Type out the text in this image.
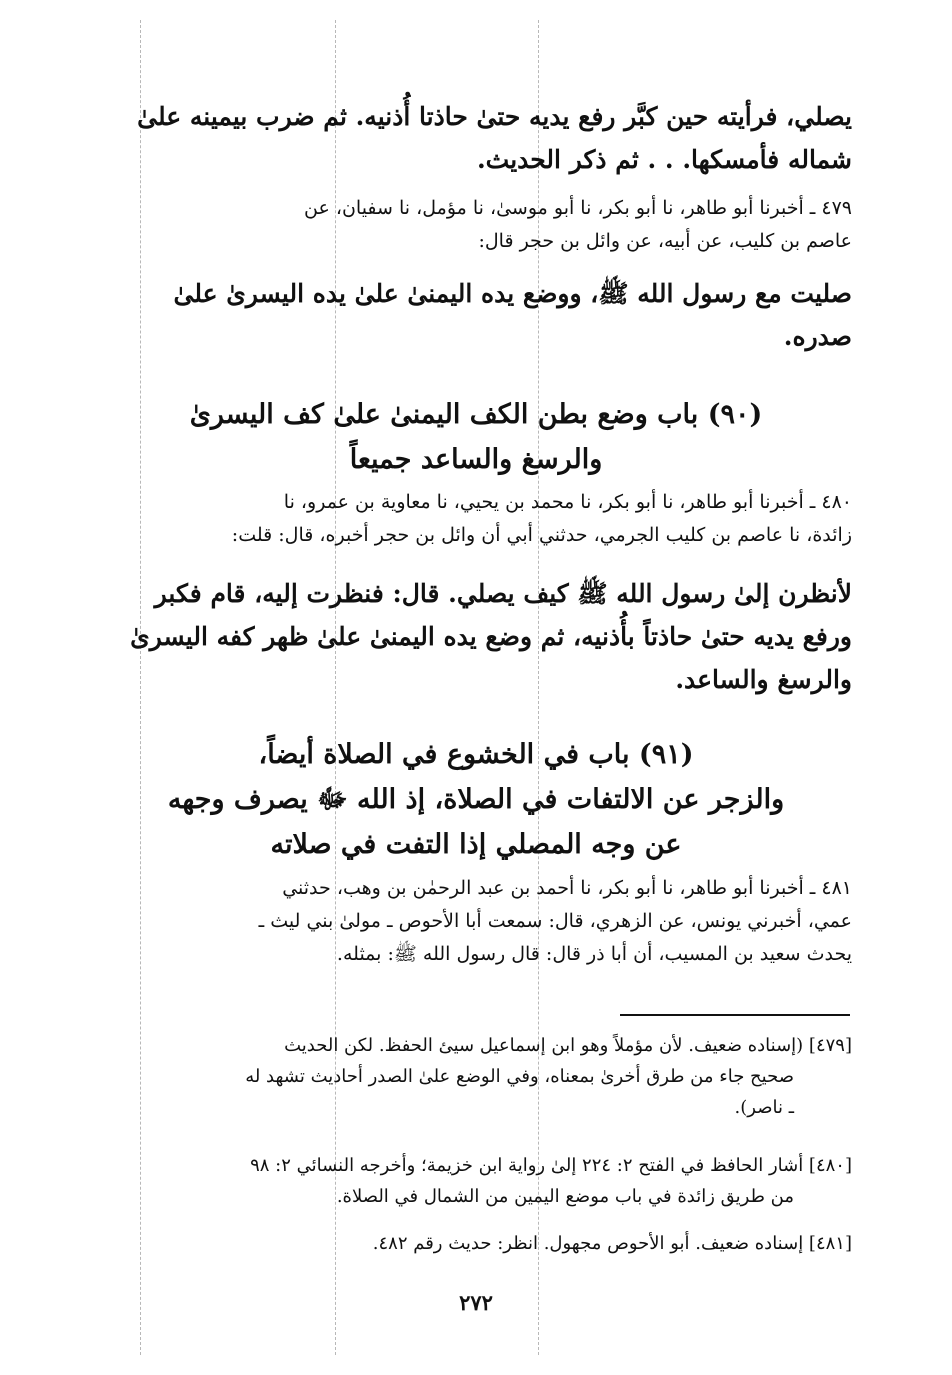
يصلي، فرأيته حين كبَّر رفع يديه حتىٰ حاذتا أُذنيه. ثم ضرب بيمينه علىٰ
شماله فأمسكها. . . ثم ذكر الحديث.
٤٧٩ ـ أخبرنا أبو طاهر، نا أبو بكر، نا أبو موسىٰ، نا مؤمل، نا سفيان، عن
عاصم بن كليب، عن أبيه، عن وائل بن حجر قال:
صليت مع رسول الله ﷺ، ووضع يده اليمنىٰ علىٰ يده اليسرىٰ علىٰ
صدره.
(٩٠) باب وضع بطن الكف اليمنىٰ علىٰ كف اليسرىٰ
والرسغ والساعد جميعاً
٤٨٠ ـ أخبرنا أبو طاهر، نا أبو بكر، نا محمد بن يحيي، نا معاوية بن عمرو، نا
زائدة، نا عاصم بن كليب الجرمي، حدثني أبي أن وائل بن حجر أخبره، قال: قلت:
لأنظرن إلىٰ رسول الله ﷺ كيف يصلي. قال: فنظرت إليه، قام فكبر
ورفع يديه حتىٰ حاذتاً بأُذنيه، ثم وضع يده اليمنىٰ علىٰ ظهر كفه اليسرىٰ
والرسغ والساعد.
(٩١) باب في الخشوع في الصلاة أيضاً،
والزجر عن الالتفات في الصلاة، إذ الله ﷻ يصرف وجهه
عن وجه المصلي إذا التفت في صلاته
٤٨١ ـ أخبرنا أبو طاهر، نا أبو بكر، نا أحمد بن عبد الرحمٰن بن وهب، حدثني
عمي، أخبرني يونس، عن الزهري، قال: سمعت أبا الأحوص ـ مولىٰ بني ليث ـ
يحدث سعيد بن المسيب، أن أبا ذر قال: قال رسول الله ﷺ: بمثله.
[٤٧٩] (إسناده ضعيف. لأن مؤملاً وهو ابن إسماعيل سيئ الحفظ. لكن الحديث
صحيح جاء من طرق أخرىٰ بمعناه، وفي الوضع علىٰ الصدر أحاديث تشهد له
ـ ناصر).
[٤٨٠] أشار الحافظ في الفتح ٢: ٢٢٤ إلىٰ رواية ابن خزيمة؛ وأخرجه النسائي ٢: ٩٨
من طريق زائدة في باب موضع اليمين من الشمال في الصلاة.
[٤٨١] إسناده ضعيف. أبو الأحوص مجهول. انظر: حديث رقم ٤٨٢.
٢٧٢
